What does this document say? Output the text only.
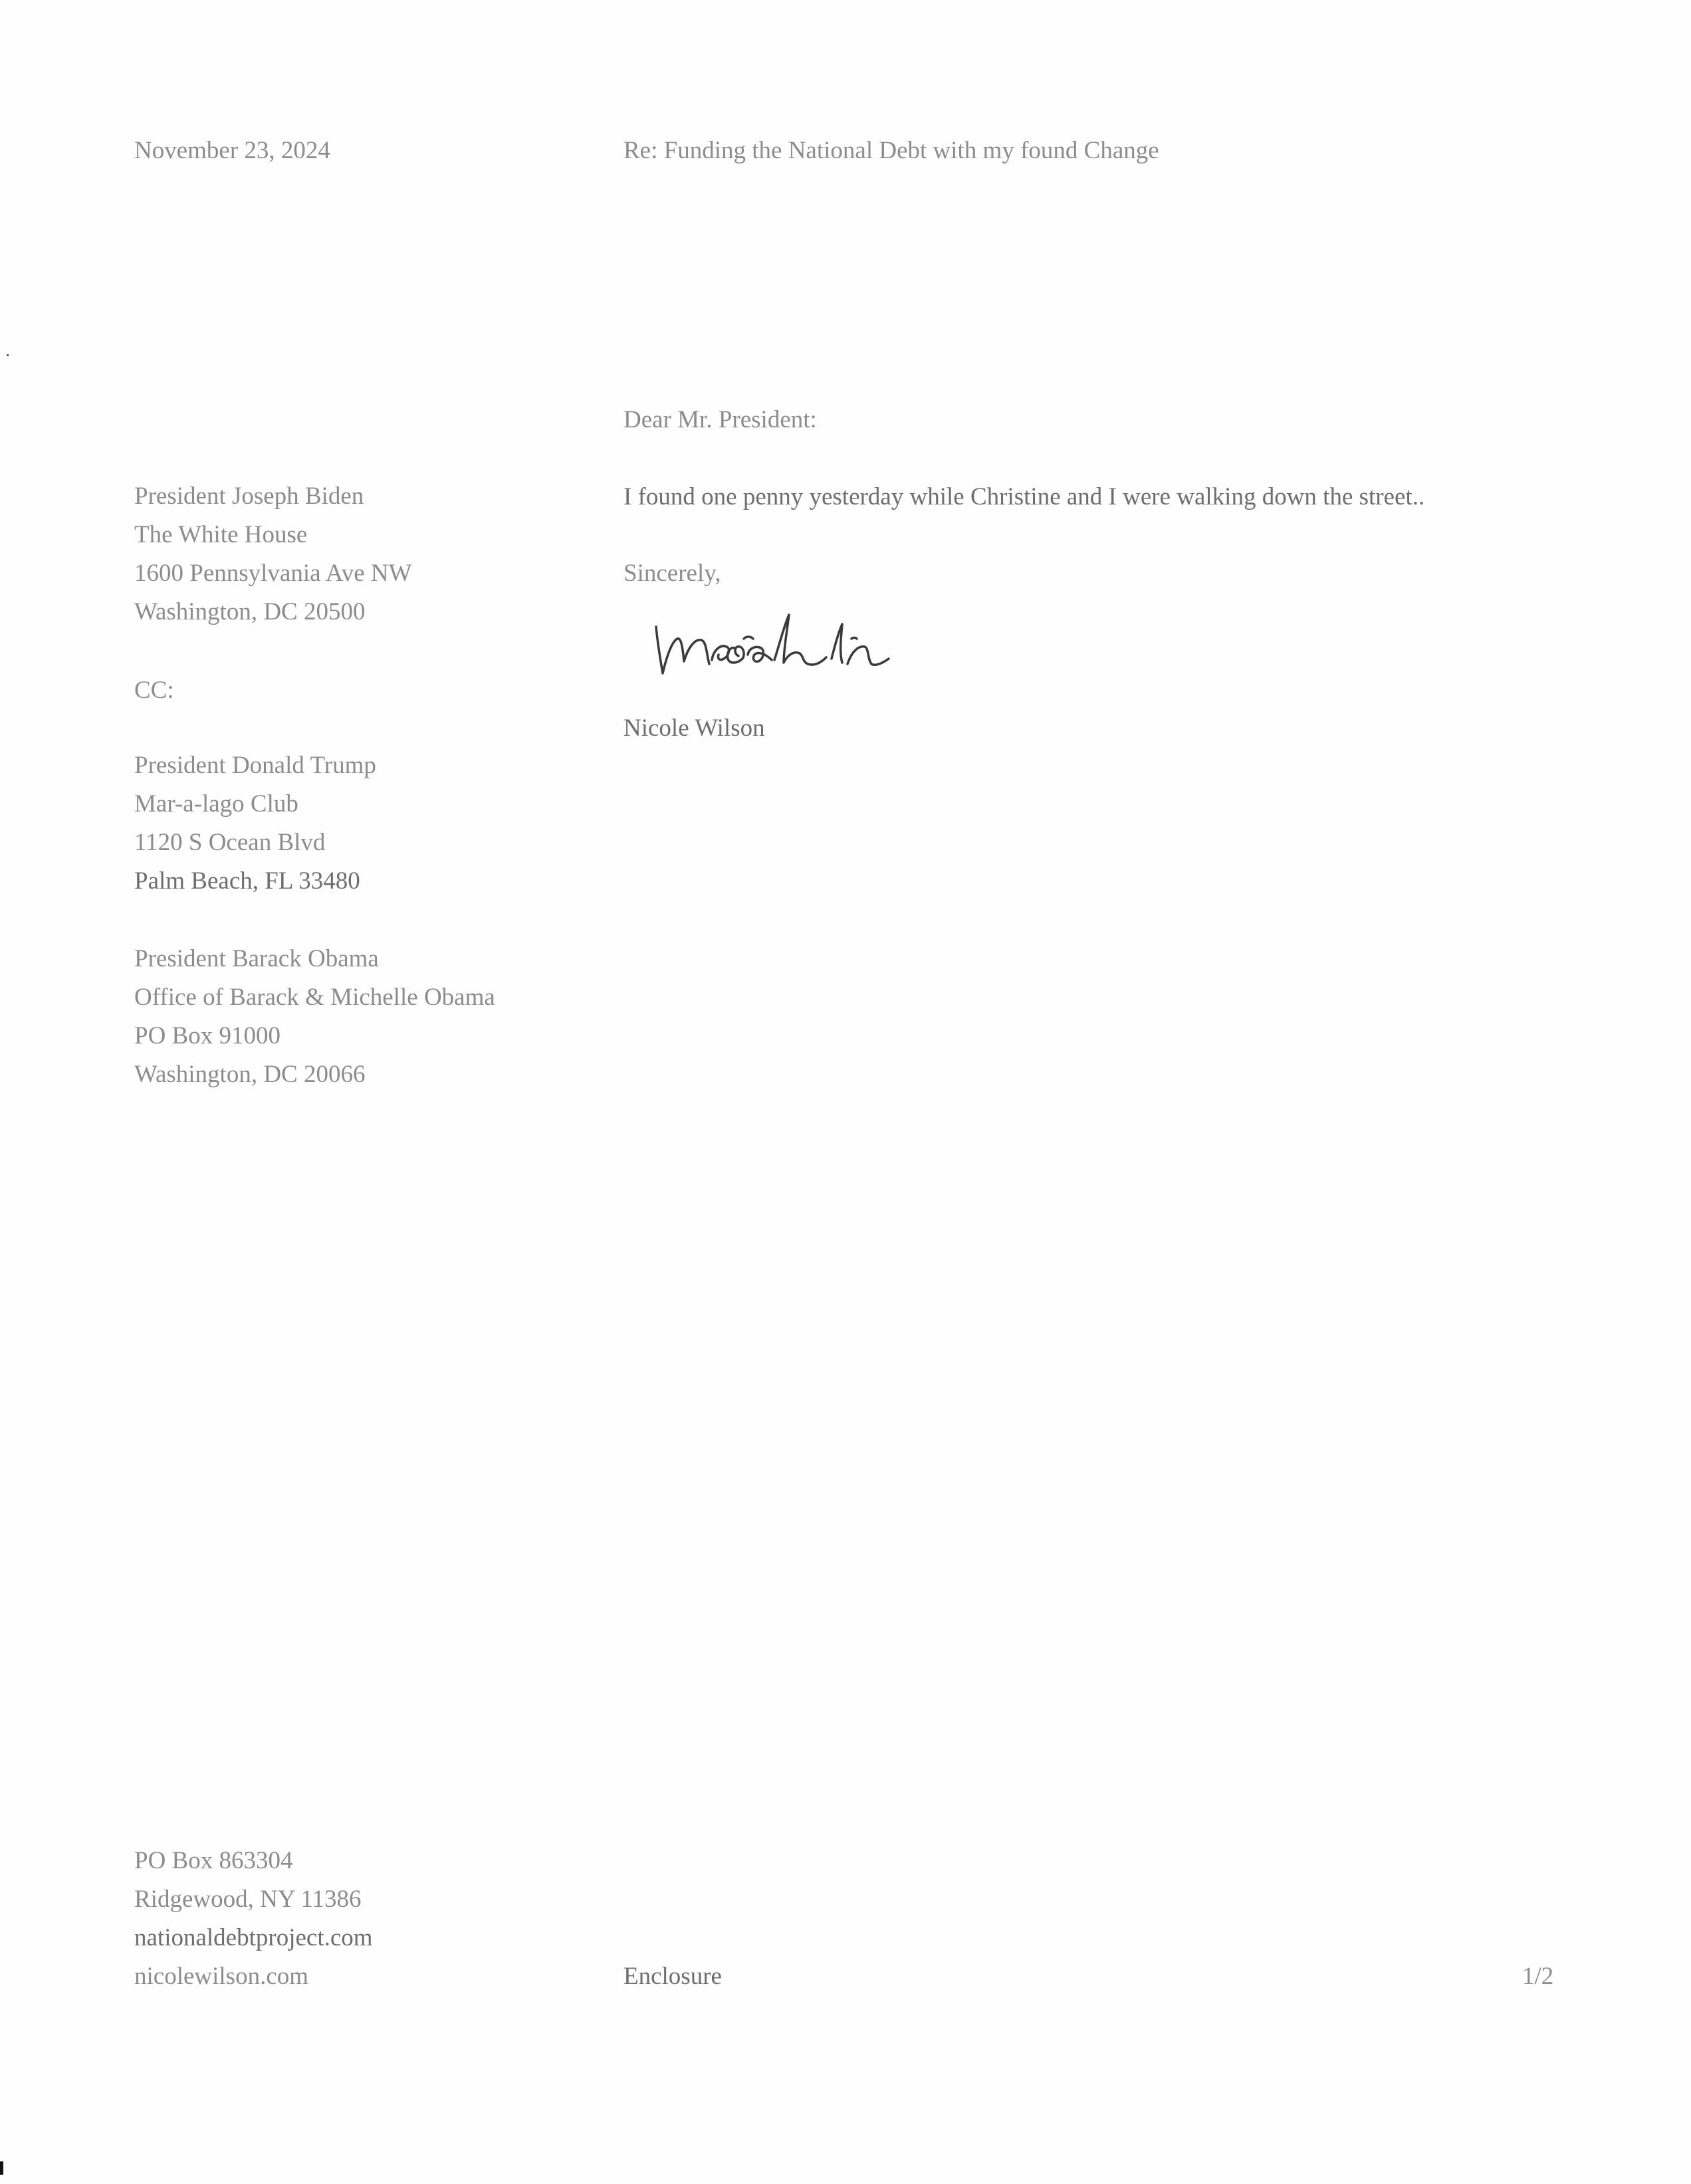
November 23, 2024	Re: Funding the National Debt with my found Change
Dear Mr. President:
President Joseph Biden
The White House
1600 Pennsylvania Ave NW
Washington, DC 20500
I found one penny yesterday while Christine and I were walking down the street..
Sincerely,
Nicole Wilson
CC:
President Donald Trump
Mar-a-lago Club
1120 S Ocean Blvd
Palm Beach, FL 33480
President Barack Obama
Office of Barack & Michelle Obama
PO Box 91000
Washington, DC 20066
PO Box 863304
Ridgewood, NY 11386
nationaldebtproject.com
nicolewilson.com	Enclosure	1/2
